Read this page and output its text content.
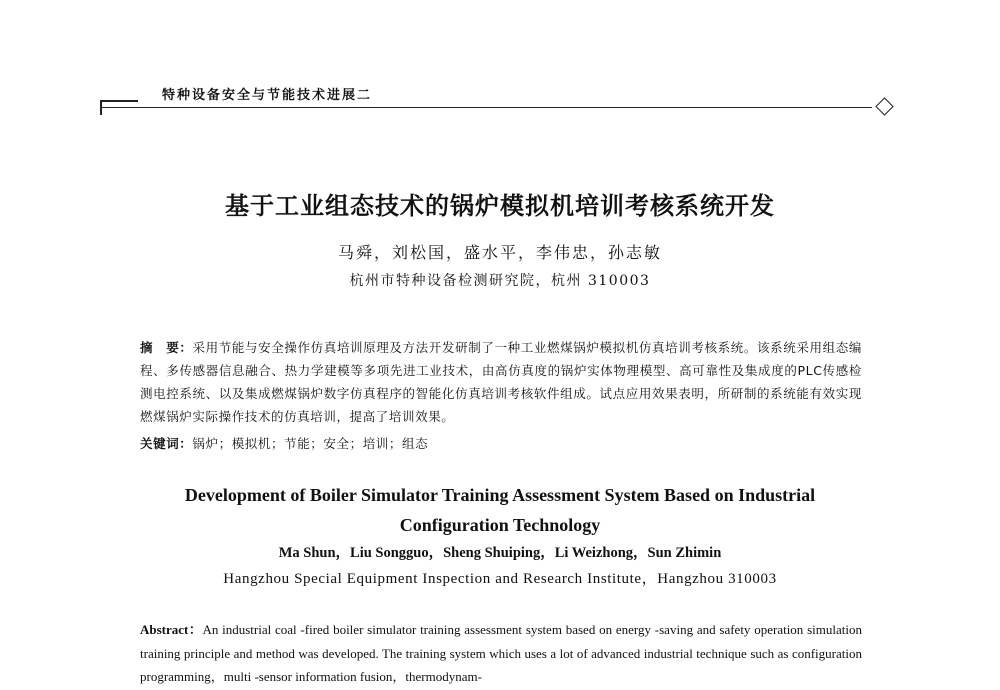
特种设备安全与节能技术进展二
基于工业组态技术的锅炉模拟机培训考核系统开发
马舜，刘松国，盛水平，李伟忠，孙志敏
杭州市特种设备检测研究院，杭州 310003
摘　要：采用节能与安全操作仿真培训原理及方法开发研制了一种工业燃煤锅炉模拟机仿真培训考核系统。该系统采用组态编程、多传感器信息融合、热力学建模等多项先进工业技术，由高仿真度的锅炉实体物理模型、高可靠性及集成度的PLC传感检测电控系统、以及集成燃煤锅炉数字仿真程序的智能化仿真培训考核软件组成。试点应用效果表明，所研制的系统能有效实现燃煤锅炉实际操作技术的仿真培训，提高了培训效果。
关键词：锅炉；模拟机；节能；安全；培训；组态
Development of Boiler Simulator Training Assessment System Based on Industrial Configuration Technology
Ma Shun，Liu Songguo，Sheng Shuiping，Li Weizhong，Sun Zhimin
Hangzhou Special Equipment Inspection and Research Institute，Hangzhou 310003
Abstract：An industrial coal -fired boiler simulator training assessment system based on energy -saving and safety operation simulation training principle and method was developed. The training system which uses a lot of advanced industrial technique such as configuration programming，multi -sensor information fusion，thermodynam-
